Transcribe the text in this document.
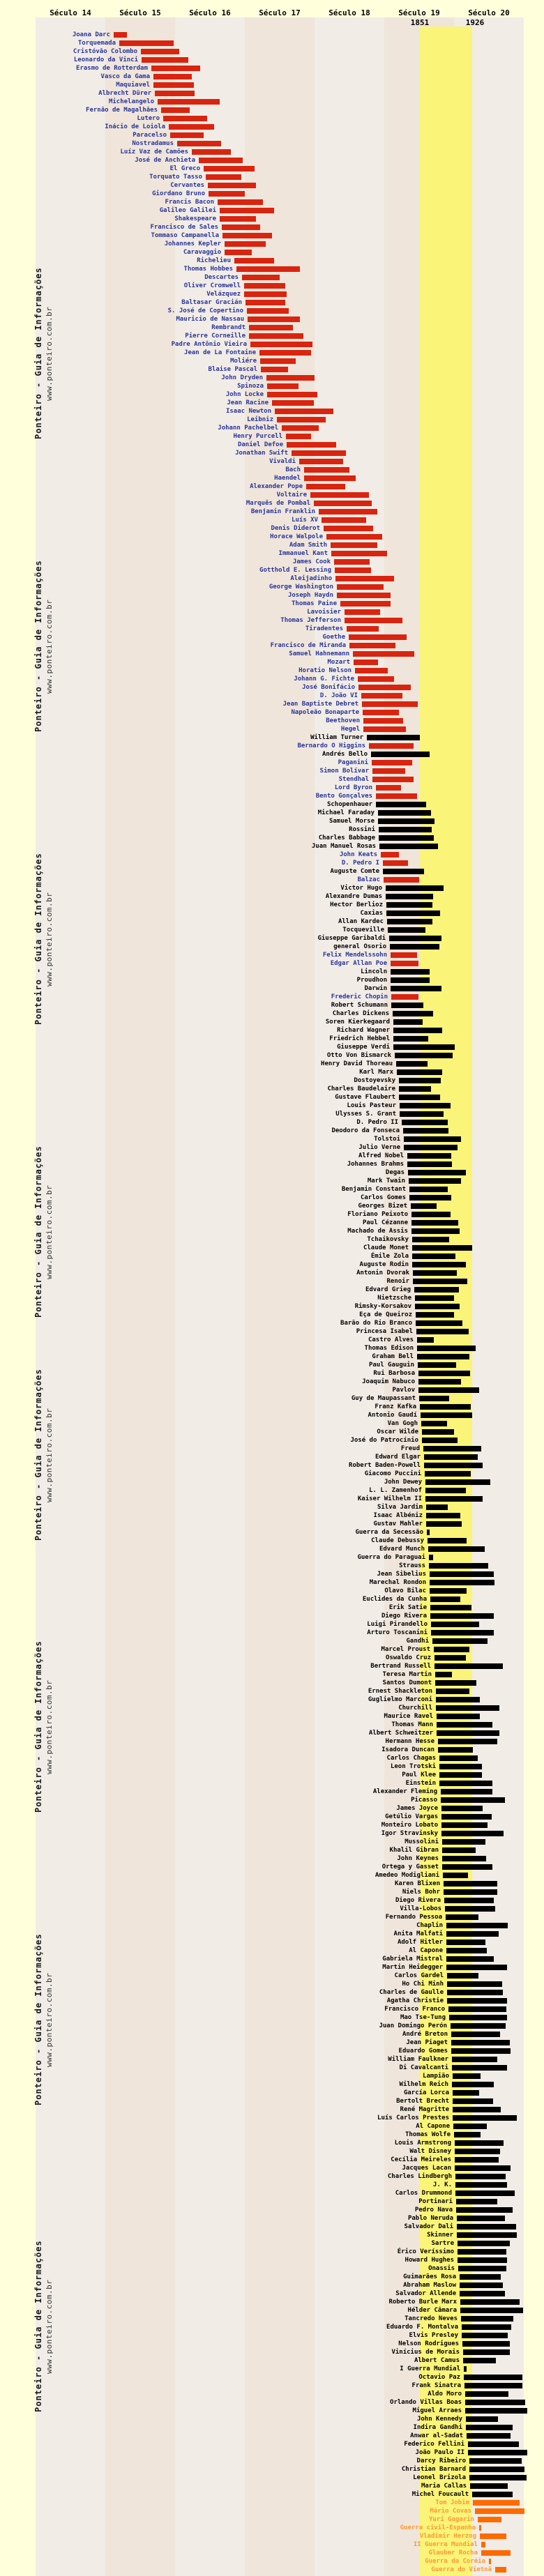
Século 14	Século 15	Século 16	Século 17	Século 18	Século 19	Século 20
1851	1926
Joana Darc
Torquemada
Cristóvão Colombo
Leonardo da Vinci
Erasmo de Rotterdam
Vasco da Gama
Maquiavel
Albrecht Dürer
Michelangelo
Fernão de Magalhães
Lutero
Inácio de Loiola
Paracelso
Nostradamus
Luíz Vaz de Camões
José de Anchieta
El Greco
Torquato Tasso
Cervantes
Giordano Bruno
Francis Bacon
Galileo Galilei
Shakespeare
Francisco de Sales
Tommaso Campanella
Johannes Kepler
Caravaggio
Richelieu
Thomas Hobbes
Descartes
Oliver Cromwell
Velázquez
Baltasar Gracián
S. José de Copertino
Mauricio de Nassau
Rembrandt
Pierre Corneille
Padre Antônio Vieira
Jean de La Fontaine
Moliére
Blaise Pascal
John Dryden
Spinoza
John Locke
Jean Racine
Isaac Newton
Leibniz
Johann Pachelbel
Henry Purcell
Daniel Defoe
Jonathan Swift
Vivaldi
Bach
Haendel
Alexander Pope
Voltaire
Marquês de Pombal
Benjamin Franklin
Luís XV
Denis Diderot
Horace Walpole
Adam Smith
Immanuel Kant
James Cook
Gotthold E. Lessing
Aleijadinho
George Washington
Joseph Haydn
Thomas Paine
Lavoisier
Thomas Jefferson
Tiradentes
Goethe
Francisco de Miranda
Samuel Hahnemann
Mozart
Horatio Nelson
Johann G. Fichte
José Bonifácio
D. João VI
Jean Baptiste Debret
Napoleão Bonaparte
Beethoven
Hegel
William Turner
Bernardo O Higgins
Andrés Bello
Paganini
Simon Bolívar
Stendhal
Lord Byron
Bento Gonçalves
Schopenhauer
Michael Faraday
Samuel Morse
Rossini
Charles Babbage
Juan Manuel Rosas
John Keats
D. Pedro I
Auguste Comte
Balzac
Victor Hugo
Alexandre Dumas
Hector Berlioz
Caxias
Allan Kardec
Tocqueville
Giuseppe Garibaldi
general Osorio
Felix Mendelssohn
Edgar Allan Poe
Lincoln
Proudhon
Darwin
Frederic Chopin
Robert Schumann
Charles Dickens
Soren Kierkegaard
Richard Wagner
Friedrich Hebbel
Giuseppe Verdi
Otto Von Bismarck
Henry David Thoreau
Karl Marx
Dostoyevsky
Charles Baudelaire
Gustave Flaubert
Louis Pasteur
Ulysses S. Grant
D. Pedro II
Deodoro da Fonseca
Tolstoi
Julio Verne
Alfred Nobel
Johannes Brahms
Degas
Mark Twain
Benjamin Constant
Carlos Gomes
Georges Bizet
Floriano Peixoto
Paul Cézanne
Machado de Assis
Tchaikovsky
Claude Monet
Émile Zola
Auguste Rodin
Antonin Dvorak
Renoir
Edvard Grieg
Nietzsche
Rimsky-Korsakov
Eça de Queiroz
Barão do Rio Branco
Princesa Isabel
Castro Alves
Thomas Edison
Graham Bell
Paul Gauguin
Rui Barbosa
Joaquim Nabuco
Pavlov
Guy de Maupassant
Franz Kafka
Antonio Gaudí
Van Gogh
Oscar Wilde
José do Patrocínio
Freud
Edward Elgar
Robert Baden-Powell
Giacomo Puccini
John Dewey
L. L. Zamenhof
Kaiser Wilhelm II
Silva Jardim
Isaac Albéniz
Gustav Mahler
Guerra da Secessão
Claude Debussy
Edvard Munch
Guerra do Paraguai
Strauss
Jean Sibelius
Marechal Rondon
Olavo Bilac
Euclides da Cunha
Erik Satie
Diego Rivera
Luigi Pirandello
Arturo Toscanini
Gandhi
Marcel Proust
Oswaldo Cruz
Bertrand Russell
Teresa Martin
Santos Dumont
Ernest Shackleton
Guglielmo Marconi
Churchill
Maurice Ravel
Thomas Mann
Albert Schweitzer
Hermann Hesse
Isadora Duncan
Carlos Chagas
Leon Trotski
Paul Klee
Einstein
Alexander Fleming
Picasso
James Joyce
Getúlio Vargas
Monteiro Lobato
Igor Stravinsky
Mussolini
Khalil Gibran
John Keynes
Ortega y Gasset
Amedeo Modigliani
Karen Blixen
Niels Bohr
Diego Rivera
Villa-Lobos
Fernando Pessoa
Chaplin
Anita Malfati
Adolf Hitler
Al Capone
Gabriela Mistral
Martin Heidegger
Carlos Gardel
Ho Chi Minh
Charles de Gaulle
Agatha Christie
Francisco Franco
Mao Tse-Tung
Juan Domingo Perón
André Breton
Jean Piaget
Eduardo Gomes
William Faulkner
Di Cavalcanti
Lampião
Wilhelm Reich
García Lorca
Bertolt Brecht
René Magritte
Luís Carlos Prestes
Al Capone
Thomas Wolfe
Louis Armstrong
Walt Disney
Cecília Meireles
Jacques Lacan
Charles Lindbergh
J. K.
Carlos Drummond
Portinari
Pedro Nava
Pablo Neruda
Salvador Dali
Skinner
Sartre
Érico Veríssimo
Howard Hughes
Onassis
Guimarães Rosa
Abraham Maslow
Salvador Allende
Roberto Burle Marx
Hélder Câmara
Tancredo Neves
Eduardo F. Montalva
Elvis Presley
Nelson Rodrigues
Vinícius de Morais
Albert Camus
I Guerra Mundial
Octavio Paz
Frank Sinatra
Aldo Moro
Orlando Villas Boas
Miguel Arraes
John Kennedy
Indira Gandhi
Anwar al-Sadat
Federico Fellini
João Paulo II
Darcy Ribeiro
Christian Barnard
Leonel Brizola
Maria Callas
Michel Foucault
Tom Jobim
Mário Covas
Yuri Gagarin
Guerra civil-Espanha
Vladimir Herzog
II Guerra Mundial
Glauber Rocha
Guerra da Coréia
Guerra do Vietnã
Ponteiro - Guia de Informações www.ponteiro.com.br
Ponteiro - Guia de Informações www.ponteiro.com.br
Ponteiro - Guia de Informações www.ponteiro.com.br
Ponteiro - Guia de Informações www.ponteiro.com.br
Ponteiro - Guia de Informações www.ponteiro.com.br
Ponteiro - Guia de Informações www.ponteiro.com.br
Ponteiro - Guia de Informações www.ponteiro.com.br
Ponteiro - Guia de Informações www.ponteiro.com.br
